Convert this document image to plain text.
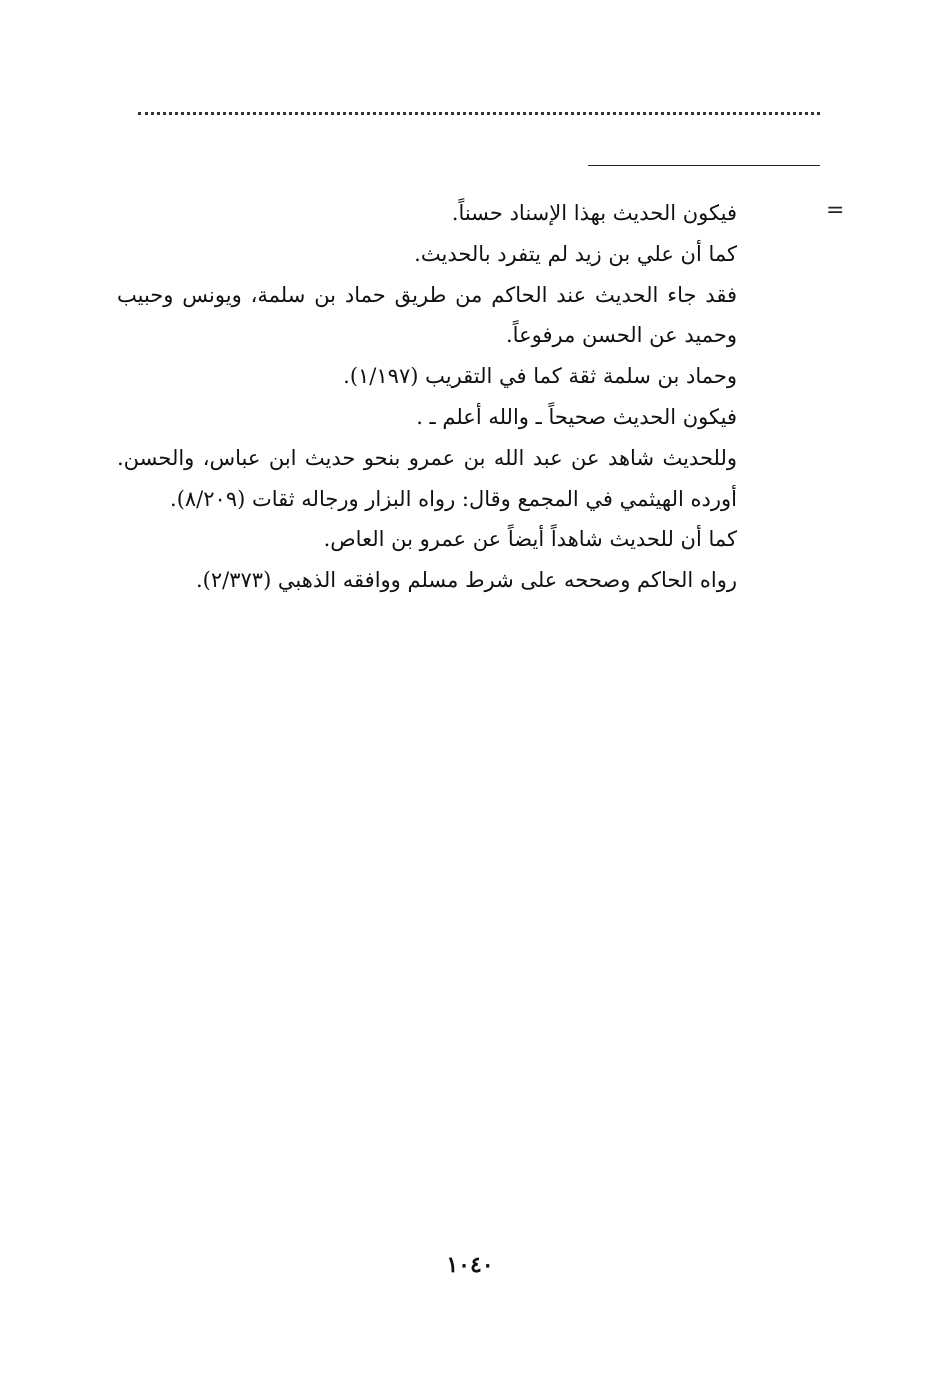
=
فيكون الحديث بهذا الإسناد حسناً.
كما أن علي بن زيد لم يتفرد بالحديث.
فقد جاء الحديث عند الحاكم من طريق حماد بن سلمة، ويونس وحبيب
وحميد عن الحسن مرفوعاً.
وحماد بن سلمة ثقة كما في التقريب (١/١٩٧).
فيكون الحديث صحيحاً ـ والله أعلم ـ .
وللحديث شاهد عن عبد الله بن عمرو بنحو حديث ابن عباس، والحسن.
أورده الهيثمي في المجمع وقال: رواه البزار ورجاله ثقات (٨/٢٠٩).
كما أن للحديث شاهداً أيضاً عن عمرو بن العاص.
رواه الحاكم وصححه على شرط مسلم ووافقه الذهبي (٢/٣٧٣).
١٠٤٠
